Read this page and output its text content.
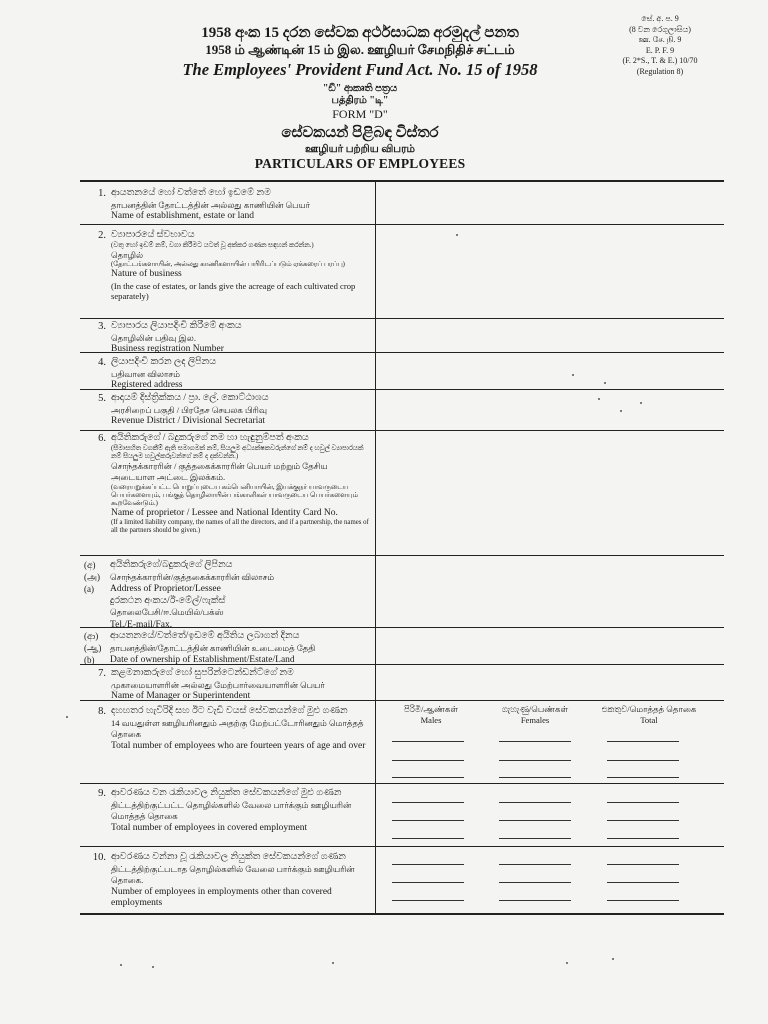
1958 අංක 15 දරන සේවක අර්ථසාධක අරමුදල් පනත
1958 ம் ஆண்டின் 15 ம் இல. ஊழியர் சேமநிதிச் சட்டம்
The Employees' Provident Fund Act. No. 15 of 1958
සේ. අ. ප. 9
(8 වන රෙගුලාසිය)
ஊ. சே. நி. 9
E. P. F. 9
(F. 2*S., T. & E.) 10/70
(Regulation 8)
"ඩී" ආකෘති පත්‍රය
பத்திரம் "டி"
FORM "D"
සේවකයන් පිළිබඳ විස්තර
ஊழியர் பற்றிய விபரம்
PARTICULARS OF EMPLOYEES
1. ආයතනයේ හෝ වත්තේ හෝ ඉඩමේ නම
தாபனத்தின் தோட்டத்தின் அல்லது காணியின் பெயர்
Name of establishment, estate or land
2. ව්‍යාපාරයේ ස්වභාවය
(වතු හෝ ඉඩම් නම්, වගා කිරීමට යටත් වූ අක්කර ගණන සඳහන් කරන්න.)
தொழில்
(தோட்டங்களாயின், அல்லது காணிகளாயின் பயிரிடப்படும் ஏக்கரைப் பரப்பு)
Nature of business
(In the case of estates, or lands give the acreage of each cultivated crop separately)
3. ව්‍යාපාරය ලියාපදිංචි කිරීමේ අංකය
தொழிலின் பதிவு இல.
Business registration Number
4. ලියාපදිංචි කරන ලද ලිපිනය
பதிவான விலாசம்
Registered address
5. ආදායම් දිස්ත්‍රික්කය / ප්‍රා. ලේ. කොට්ඨාශය
அரசிறைப் பகுதி / பிரதேச செயலக பிரிவு
Revenue District / Divisional Secretariat
6. අයිතිකරුගේ / බදුකරුගේ නම හා හැඳුනුම්පත් අංකය
(සීමාසහිත වගකීම් ඇති සමාගමක් නම්, සියලුම අධ්‍යක්ෂකවරුන්ගේ නම් ද හවුල් ව්‍යාපාරයක් නම් සියලුම හවුල්කරුවන්ගේ නම් ද දක්වන්න.)
சொந்தக்காரரின் / குத்தகைக்காரரின் பெயர் மற்றும் தேசிய அடையாள அட்டை இலக்கம்.
(வரையறுக்கப்பட்ட பொறுப்புடைய கம்பெனியாயின், இயக்குநர் யாவருடைய பெயர்களையும், பங்குத் தொழிலாயின் பங்காளிகள் யாவருடைய பெயர்களையும் கூறவேண்டும்.)
Name of proprietor / Lessee and National Identity Card No.
(If a limited liability company, the names of all the directors, and if a partnership, the names of all the partners should be given.)
(අ) අයිතිකරුගේ/බදුකරුගේ ලිපිනය
(அ) சொந்தக்காரரின்/குத்தகைக்காரரின் விலாசம்
(a) Address of Proprietor/Lessee
දුරකථන අංකය/ඊ-මේල්/ෆැක්ස්
தொலைபேசி/ஈ.மெயில்/பக்ஸ்
Tel./E-mail/Fax.
(ආ) ආයතනයේ/වත්තේ/ඉඩමේ අයිතිය ලබාගත් දිනය
(ஆ) தாபனத்தின்/தோட்டத்தின் காணியின் உடைமைத் தேதி
(b) Date of ownership of Establishment/Estate/Land
7. කළමනාකරුගේ හෝ සුපරින්ටෙන්ඩන්ට්ගේ නම
முகாமையாளரின் அல்லது மேற்பார்வையாளரின் பெயர்
Name of Manager or Superintendent
8. දහහතර හැවිරිදි සහ ඊට වැඩි වයස් සේවකයන්ගේ මුළු ගණන
14 வயதுள்ள ஊழியரினதும் அதற்கு மேற்பட்டோரினதும் மொத்தத் தொகை
Total number of employees who are fourteen years of age and over
9. ආවරණය වන රැකියාවල නියුක්ත සේවකයන්ගේ මුළු ගණන
திட்டத்திற்குட்பட்ட தொழில்களில் வேலை பார்க்கும் ஊழியரின் மொத்தத் தொகை
Total number of employees in covered employment
10. ආවරණය වන්නා වූ රැකියාවල නියුක්ත සේවකයන්ගේ ගණන
திட்டத்திற்குட்படாத தொழில்களில் வேலை பார்க்கும் ஊழியரின் தொகை.
Number of employees in employments other than covered employments
පිරිමි/ஆண்கள்
Males
ගැහැණු/பெண்கள்
Females
එකතුව/மொத்தத் தொகை
Total
